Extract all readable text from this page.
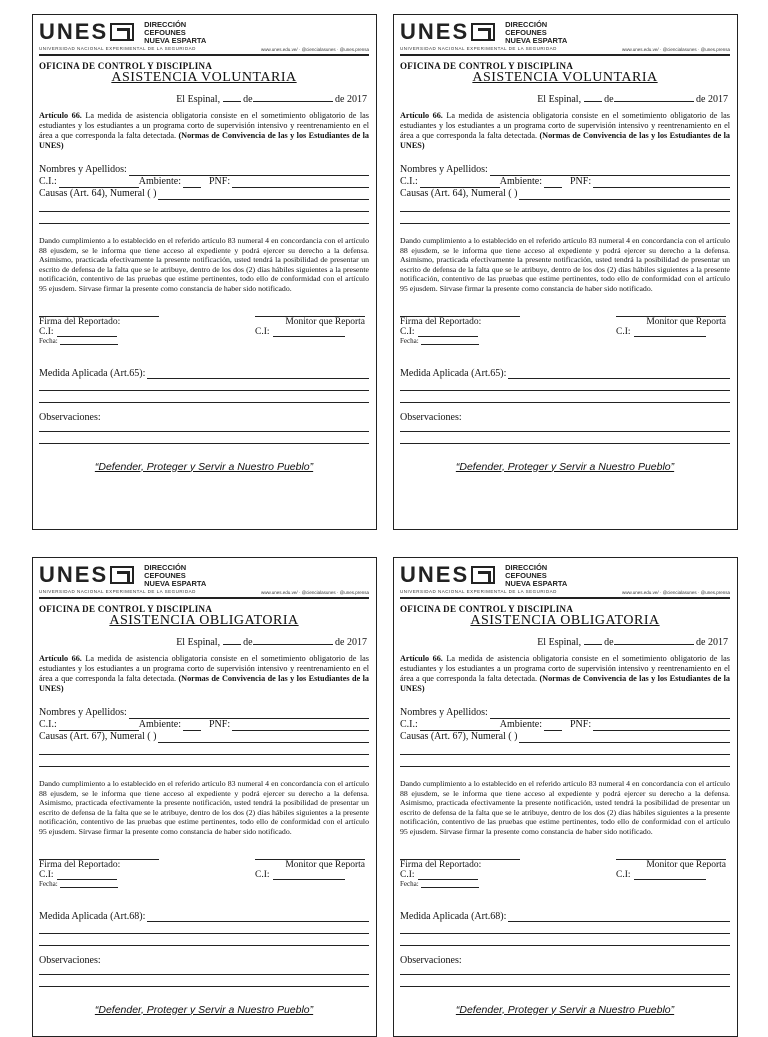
UNES	DIRECCIÓN
CEFOUNES
NUEVA ESPARTA
UNIVERSIDAD NACIONAL EXPERIMENTAL DE LA SEGURIDAD	www.unes.edu.ve/ · @ciencialasunes · @unes.prensa
OFICINA DE CONTROL Y DISCIPLINA
ASISTENCIA VOLUNTARIA
El Espinal, de	de 2017
Artículo 66. La medida de asistencia obligatoria consiste en el sometimiento obligatorio de las estudiantes y los estudiantes a un programa corto de supervisión intensivo y reentrenamiento en el área a que corresponda la falta detectada. (Normas de Convivencia de las y los Estudiantes de la UNES)
Nombres y Apellidos:
C.I.:	Ambiente:	PNF:
Causas (Art. 64), Numeral ( )
Dando cumplimiento a lo establecido en el referido artículo 83 numeral 4 en concordancia con el artículo 88 ejusdem, se le informa que tiene acceso al expediente y podrá ejercer su derecho a la defensa. Asimismo, practicada efectivamente la presente notificación, usted tendrá la posibilidad de presentar un escrito de defensa de la falta que se le atribuye, dentro de los dos (2) días hábiles siguientes a la presente notificación, contentivo de las pruebas que estime pertinentes, todo ello de conformidad con el artículo 95 ejusdem. Sírvase firmar la presente como constancia de haber sido notificado.
Firma del Reportado:
C.I:
Fecha:
Monitor que Reporta
C.I:
Medida Aplicada (Art.65):
Observaciones:
“Defender, Proteger y Servir a Nuestro Pueblo”
UNES	DIRECCIÓN
CEFOUNES
NUEVA ESPARTA
UNIVERSIDAD NACIONAL EXPERIMENTAL DE LA SEGURIDAD	www.unes.edu.ve/ · @ciencialasunes · @unes.prensa
OFICINA DE CONTROL Y DISCIPLINA
ASISTENCIA VOLUNTARIA
El Espinal, de	de 2017
Artículo 66. La medida de asistencia obligatoria consiste en el sometimiento obligatorio de las estudiantes y los estudiantes a un programa corto de supervisión intensivo y reentrenamiento en el área a que corresponda la falta detectada. (Normas de Convivencia de las y los Estudiantes de la UNES)
Nombres y Apellidos:
C.I.:	Ambiente:	PNF:
Causas (Art. 64), Numeral ( )
Dando cumplimiento a lo establecido en el referido artículo 83 numeral 4 en concordancia con el artículo 88 ejusdem, se le informa que tiene acceso al expediente y podrá ejercer su derecho a la defensa. Asimismo, practicada efectivamente la presente notificación, usted tendrá la posibilidad de presentar un escrito de defensa de la falta que se le atribuye, dentro de los dos (2) días hábiles siguientes a la presente notificación, contentivo de las pruebas que estime pertinentes, todo ello de conformidad con el artículo 95 ejusdem. Sírvase firmar la presente como constancia de haber sido notificado.
Firma del Reportado:
C.I:
Fecha:
Monitor que Reporta
C.I:
Medida Aplicada (Art.65):
Observaciones:
“Defender, Proteger y Servir a Nuestro Pueblo”
UNES	DIRECCIÓN
CEFOUNES
NUEVA ESPARTA
UNIVERSIDAD NACIONAL EXPERIMENTAL DE LA SEGURIDAD	www.unes.edu.ve/ · @ciencialasunes · @unes.prensa
OFICINA DE CONTROL Y DISCIPLINA
ASISTENCIA OBLIGATORIA
El Espinal, de	de 2017
Artículo 66. La medida de asistencia obligatoria consiste en el sometimiento obligatorio de las estudiantes y los estudiantes a un programa corto de supervisión intensivo y reentrenamiento en el área a que corresponda la falta detectada. (Normas de Convivencia de las y los Estudiantes de la UNES)
Nombres y Apellidos:
C.I.:	Ambiente:	PNF:
Causas (Art. 67), Numeral ( )
Dando cumplimiento a lo establecido en el referido artículo 83 numeral 4 en concordancia con el artículo 88 ejusdem, se le informa que tiene acceso al expediente y podrá ejercer su derecho a la defensa. Asimismo, practicada efectivamente la presente notificación, usted tendrá la posibilidad de presentar un escrito de defensa de la falta que se le atribuye, dentro de los dos (2) días hábiles siguientes a la presente notificación, contentivo de las pruebas que estime pertinentes, todo ello de conformidad con el artículo 95 ejusdem. Sírvase firmar la presente como constancia de haber sido notificado.
Firma del Reportado:
C.I:
Fecha:
Monitor que Reporta
C.I:
Medida Aplicada (Art.68):
Observaciones:
“Defender, Proteger y Servir a Nuestro Pueblo”
UNES	DIRECCIÓN
CEFOUNES
NUEVA ESPARTA
UNIVERSIDAD NACIONAL EXPERIMENTAL DE LA SEGURIDAD	www.unes.edu.ve/ · @ciencialasunes · @unes.prensa
OFICINA DE CONTROL Y DISCIPLINA
ASISTENCIA OBLIGATORIA
El Espinal, de	de 2017
Artículo 66. La medida de asistencia obligatoria consiste en el sometimiento obligatorio de las estudiantes y los estudiantes a un programa corto de supervisión intensivo y reentrenamiento en el área a que corresponda la falta detectada. (Normas de Convivencia de las y los Estudiantes de la UNES)
Nombres y Apellidos:
C.I.:	Ambiente:	PNF:
Causas (Art. 67), Numeral ( )
Dando cumplimiento a lo establecido en el referido artículo 83 numeral 4 en concordancia con el artículo 88 ejusdem, se le informa que tiene acceso al expediente y podrá ejercer su derecho a la defensa. Asimismo, practicada efectivamente la presente notificación, usted tendrá la posibilidad de presentar un escrito de defensa de la falta que se le atribuye, dentro de los dos (2) días hábiles siguientes a la presente notificación, contentivo de las pruebas que estime pertinentes, todo ello de conformidad con el artículo 95 ejusdem. Sírvase firmar la presente como constancia de haber sido notificado.
Firma del Reportado:
C.I:
Fecha:
Monitor que Reporta
C.I:
Medida Aplicada (Art.68):
Observaciones:
“Defender, Proteger y Servir a Nuestro Pueblo”
